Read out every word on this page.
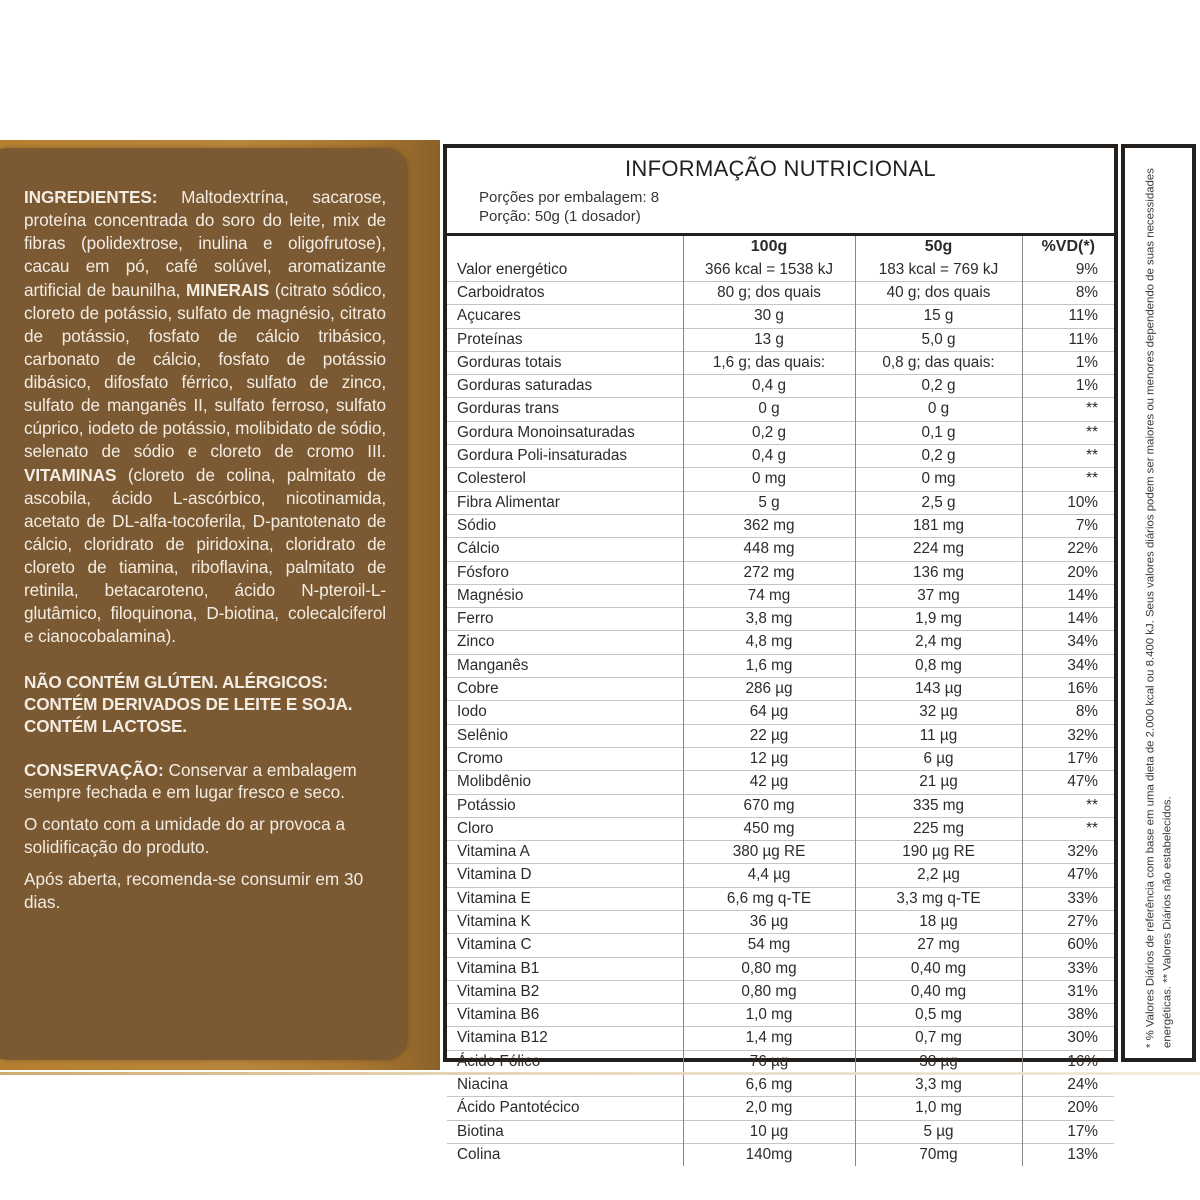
INGREDIENTES: Maltodextrína, sacarose, proteína concentrada do soro do leite, mix de fibras (polidextrose, inulina e oligofrutose), cacau em pó, café solúvel, aromatizante artificial de baunilha, MINERAIS (citrato sódico, cloreto de potássio, sulfato de magnésio, citrato de potássio, fosfato de cálcio tribásico, carbonato de cálcio, fosfato de potássio dibásico, difosfato férrico, sulfato de zinco, sulfato de manganês II, sulfato ferroso, sulfato cúprico, iodeto de potássio, molibidato de sódio, selenato de sódio e cloreto de cromo III. VITAMINAS (cloreto de colina, palmitato de ascobila, ácido L-ascórbico, nicotinamida, acetato de DL-alfa-tocoferila, D-pantotenato de cálcio, cloridrato de piridoxina, cloridrato de cloreto de tiamina, riboflavina, palmitato de retinila, betacaroteno, ácido N-pteroil-L-glutâmico, filoquinona, D-biotina, colecalciferol e cianocobalamina).

NÃO CONTÉM GLÚTEN. ALÉRGICOS:
CONTÉM DERIVADOS DE LEITE E SOJA.
CONTÉM LACTOSE.
CONSERVAÇÃO: Conservar a embalagem sempre fechada e em lugar fresco e seco.
O contato com a umidade do ar provoca a solidificação do produto.
Após aberta, recomenda-se consumir em 30 dias.
INFORMAÇÃO NUTRICIONAL
Porções por embalagem: 8
Porção: 50g (1 dosador)
	100g	50g	%VD(*)
Valor energético	366 kcal = 1538 kJ	183 kcal = 769 kJ	9%
Carboidratos	80 g; dos quais	40 g; dos quais	8%
Açucares	30 g	15 g	11%
Proteínas	13 g	5,0 g	11%
Gorduras totais	1,6 g; das quais:	0,8 g; das quais:	1%
Gorduras saturadas	0,4 g	0,2 g	1%
Gorduras trans	0 g	0 g	**
Gordura Monoinsaturadas	0,2 g	0,1 g	**
Gordura Poli-insaturadas	0,4 g	0,2 g	**
Colesterol	0 mg	0 mg	**
Fibra Alimentar	5 g	2,5 g	10%
Sódio	362 mg	181 mg	7%
Cálcio	448 mg	224 mg	22%
Fósforo	272 mg	136 mg	20%
Magnésio	74 mg	37 mg	14%
Ferro	3,8 mg	1,9 mg	14%
Zinco	4,8 mg	2,4 mg	34%
Manganês	1,6 mg	0,8 mg	34%
Cobre	286 µg	143 µg	16%
Iodo	64 µg	32 µg	8%
Selênio	22 µg	11 µg	32%
Cromo	12 µg	6 µg	17%
Molibdênio	42 µg	21 µg	47%
Potássio	670 mg	335 mg	**
Cloro	450 mg	225 mg	**
Vitamina A	380 µg RE	190 µg RE	32%
Vitamina D	4,4 µg	2,2 µg	47%
Vitamina E	6,6 mg q-TE	3,3 mg q-TE	33%
Vitamina K	36 µg	18 µg	27%
Vitamina C	54 mg	27 mg	60%
Vitamina B1	0,80 mg	0,40 mg	33%
Vitamina B2	0,80 mg	0,40 mg	31%
Vitamina B6	1,0 mg	0,5 mg	38%
Vitamina B12	1,4 mg	0,7 mg	30%
Ácido Fólico	76 µg	38 µg	16%
Niacina	6,6 mg	3,3 mg	24%
Ácido Pantotécico	2,0 mg	1,0 mg	20%
Biotina	10 µg	5 µg	17%
Colina	140mg	70mg	13%
* % Valores Diários de referência com base em uma dieta de 2.000 kcal ou 8.400 kJ. Seus valores diários podem ser maiores ou menores dependendo de suas necessidades energéticas. ** Valores Diários não estabelecidos.
